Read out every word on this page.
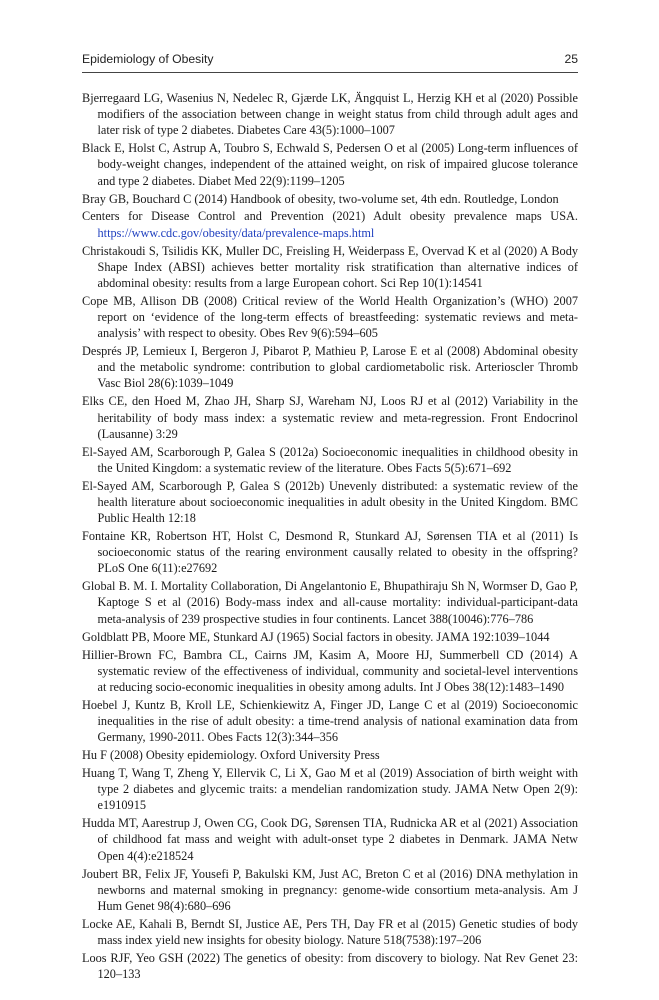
Epidemiology of Obesity	25
Bjerregaard LG, Wasenius N, Nedelec R, Gjærde LK, Ängquist L, Herzig KH et al (2020) Possible modifiers of the association between change in weight status from child through adult ages and later risk of type 2 diabetes. Diabetes Care 43(5):1000–1007
Black E, Holst C, Astrup A, Toubro S, Echwald S, Pedersen O et al (2005) Long-term influences of body-weight changes, independent of the attained weight, on risk of impaired glucose tolerance and type 2 diabetes. Diabet Med 22(9):1199–1205
Bray GB, Bouchard C (2014) Handbook of obesity, two-volume set, 4th edn. Routledge, London
Centers for Disease Control and Prevention (2021) Adult obesity prevalence maps USA. https://www.cdc.gov/obesity/data/prevalence-maps.html
Christakoudi S, Tsilidis KK, Muller DC, Freisling H, Weiderpass E, Overvad K et al (2020) A Body Shape Index (ABSI) achieves better mortality risk stratification than alternative indices of abdominal obesity: results from a large European cohort. Sci Rep 10(1):14541
Cope MB, Allison DB (2008) Critical review of the World Health Organization’s (WHO) 2007 report on ‘evidence of the long-term effects of breastfeeding: systematic reviews and meta-analysis’ with respect to obesity. Obes Rev 9(6):594–605
Després JP, Lemieux I, Bergeron J, Pibarot P, Mathieu P, Larose E et al (2008) Abdominal obesity and the metabolic syndrome: contribution to global cardiometabolic risk. Arterioscler Thromb Vasc Biol 28(6):1039–1049
Elks CE, den Hoed M, Zhao JH, Sharp SJ, Wareham NJ, Loos RJ et al (2012) Variability in the heritability of body mass index: a systematic review and meta-regression. Front Endocrinol (Lausanne) 3:29
El-Sayed AM, Scarborough P, Galea S (2012a) Socioeconomic inequalities in childhood obesity in the United Kingdom: a systematic review of the literature. Obes Facts 5(5):671–692
El-Sayed AM, Scarborough P, Galea S (2012b) Unevenly distributed: a systematic review of the health literature about socioeconomic inequalities in adult obesity in the United Kingdom. BMC Public Health 12:18
Fontaine KR, Robertson HT, Holst C, Desmond R, Stunkard AJ, Sørensen TIA et al (2011) Is socioeconomic status of the rearing environment causally related to obesity in the offspring? PLoS One 6(11):e27692
Global B. M. I. Mortality Collaboration, Di Angelantonio E, Bhupathiraju Sh N, Wormser D, Gao P, Kaptoge S et al (2016) Body-mass index and all-cause mortality: individual-participant-data meta-analysis of 239 prospective studies in four continents. Lancet 388(10046):776–786
Goldblatt PB, Moore ME, Stunkard AJ (1965) Social factors in obesity. JAMA 192:1039–1044
Hillier-Brown FC, Bambra CL, Cairns JM, Kasim A, Moore HJ, Summerbell CD (2014) A systematic review of the effectiveness of individual, community and societal-level interventions at reducing socio-economic inequalities in obesity among adults. Int J Obes 38(12):1483–1490
Hoebel J, Kuntz B, Kroll LE, Schienkiewitz A, Finger JD, Lange C et al (2019) Socioeconomic inequalities in the rise of adult obesity: a time-trend analysis of national examination data from Germany, 1990-2011. Obes Facts 12(3):344–356
Hu F (2008) Obesity epidemiology. Oxford University Press
Huang T, Wang T, Zheng Y, Ellervik C, Li X, Gao M et al (2019) Association of birth weight with type 2 diabetes and glycemic traits: a mendelian randomization study. JAMA Netw Open 2(9): e1910915
Hudda MT, Aarestrup J, Owen CG, Cook DG, Sørensen TIA, Rudnicka AR et al (2021) Association of childhood fat mass and weight with adult-onset type 2 diabetes in Denmark. JAMA Netw Open 4(4):e218524
Joubert BR, Felix JF, Yousefi P, Bakulski KM, Just AC, Breton C et al (2016) DNA methylation in newborns and maternal smoking in pregnancy: genome-wide consortium meta-analysis. Am J Hum Genet 98(4):680–696
Locke AE, Kahali B, Berndt SI, Justice AE, Pers TH, Day FR et al (2015) Genetic studies of body mass index yield new insights for obesity biology. Nature 518(7538):197–206
Loos RJF, Yeo GSH (2022) The genetics of obesity: from discovery to biology. Nat Rev Genet 23: 120–133
